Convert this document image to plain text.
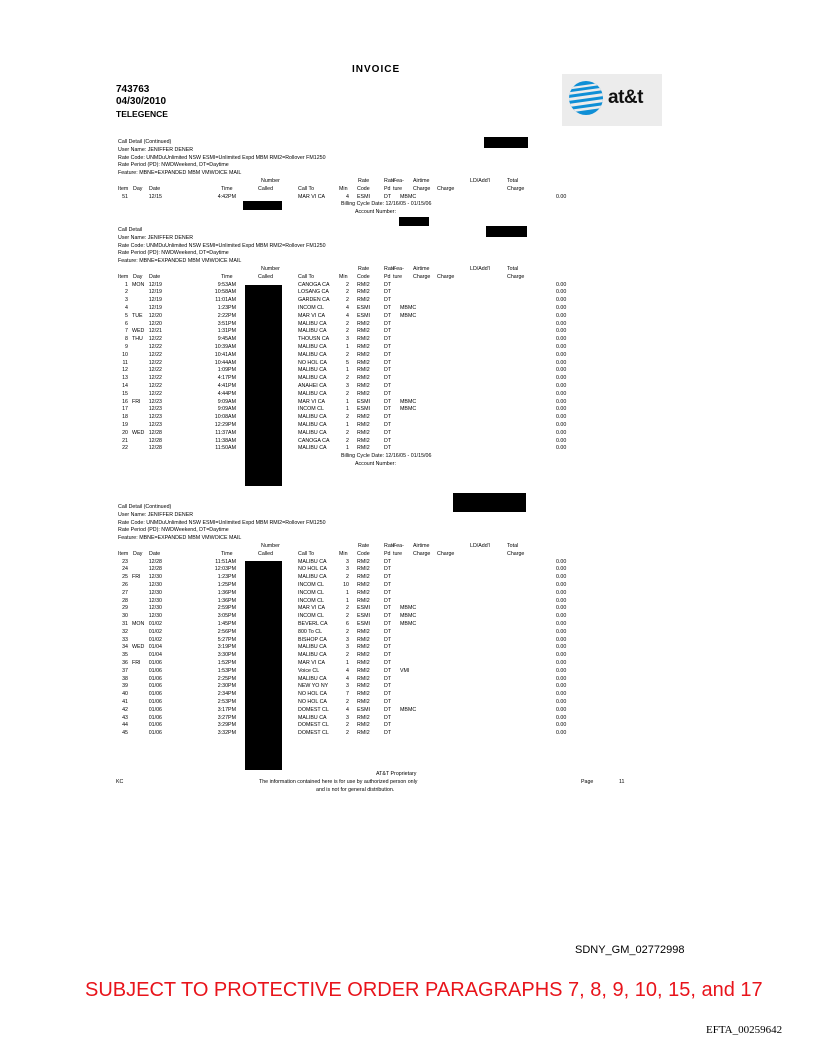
INVOICE
743763
04/30/2010
TELEGENCE
at&t
Call Detail (Continued)
User Name: JENIFFER DENER
Rate Code: UNMDuUnlimited NSW ESMI=Unlimited Expd MBM RMI2=Rollover FM1250
Rate Period (PD): NWDWeekend, DT=Daytime
Feature: MBNE=EXPANDED MBM VMWOICE MAIL
Number	Rate	Rate
Fea- Airtime	LD/Add'l	Total
Item Day Date	Time	Called	Call To	Min Code	Pd ture Charge Charge	Charge
51	12/15	4:42PM	MAR VI CA	4 ESMI	DT MBMC	0.00
Billing Cycle Date: 12/16/05 - 01/15/06
Account Number:
Call Detail
User Name: JENIFFER DENER
Rate Code: UNMDuUnlimited NSW ESMI=Unlimited Expd MBM RMI2=Rollover FM1250
Rate Period (PD): NWDWeekend, DT=Daytime
Feature: MBNE=EXPANDED MBM VMWOICE MAIL
Number	Rate	Rate
Fea- Airtime	LD/Add'l	Total
Item Day Date	Time	Called	Call To	Min Code	Pd ture Charge Charge	Charge
1 MON 12/19	9:53AM	CANOGA CA	2 RMI2	DT	0.00
2	12/19	10:58AM	LOSANG CA	2 RMI2	DT	0.00
3	12/19	11:01AM	GARDEN CA	2 RMI2	DT	0.00
4	12/19	1:23PM	INCOM CL	4 ESMI	DT MBMC	0.00
5 TUE 12/20	2:22PM	MAR VI CA	4 ESMI	DT MBMC	0.00
6	12/20	3:51PM	MALIBU CA	2 RMI2	DT	0.00
7 WED 12/21	1:31PM	MALIBU CA	2 RMI2	DT	0.00
8 THU 12/22	9:45AM	THOUSN CA	3 RMI2	DT	0.00
9	12/22	10:39AM	MALIBU CA	1 RMI2	DT	0.00
10	12/22	10:41AM	MALIBU CA	2 RMI2	DT	0.00
11	12/22	10:44AM	NO HOL CA	5 RMI2	DT	0.00
12	12/22	1:09PM	MALIBU CA	1 RMI2	DT	0.00
13	12/22	4:17PM	MALIBU CA	2 RMI2	DT	0.00
14	12/22	4:41PM	ANAHEI CA	3 RMI2	DT	0.00
15	12/22	4:44PM	MALIBU CA	2 RMI2	DT	0.00
16 FRI 12/23	9:09AM	MAR VI CA	1 ESMI	DT MBMC	0.00
17	12/23	9:09AM	INCOM CL	1 ESMI	DT MBMC	0.00
18	12/23	10:08AM	MALIBU CA	2 RMI2	DT	0.00
19	12/23	12:29PM	MALIBU CA	1 RMI2	DT	0.00
20 WED 12/28	11:37AM	MALIBU CA	2 RMI2	DT	0.00
21	12/28	11:38AM	CANOGA CA	2 RMI2	DT	0.00
22	12/28	11:50AM	MALIBU CA	1 RMI2	DT	0.00
Billing Cycle Date: 12/16/05 - 01/15/06
Account Number:
Call Detail (Continued)
User Name: JENIFFER DENER
Rate Code: UNMDuUnlimited NSW ESMI=Unlimited Expd MBM RMI2=Rollover FM1250
Rate Period (PD): NWDWeekend, DT=Daytime
Feature: MBNE=EXPANDED MBM VMWOICE MAIL
Number	Rate	Rate
Fea- Airtime	LD/Add'l	Total
Item Day Date	Time	Called	Call To	Min Code	Pd ture Charge Charge	Charge
23	12/28	11:51AM	MALIBU CA	3 RMI2	DT	0.00
24	12/28	12:03PM	NO HOL CA	3 RMI2	DT	0.00
25 FRI 12/30	1:23PM	MALIBU CA	2 RMI2	DT	0.00
26	12/30	1:25PM	INCOM CL	10 RMI2	DT	0.00
27	12/30	1:36PM	INCOM CL	1 RMI2	DT	0.00
28	12/30	1:36PM	INCOM CL	1 RMI2	DT	0.00
29	12/30	2:59PM	MAR VI CA	2 ESMI	DT MBMC	0.00
30	12/30	3:05PM	INCOM CL	2 ESMI	DT MBMC	0.00
31 MON 01/02	1:45PM	BEVERL CA	6 ESMI	DT MBMC	0.00
32	01/02	2:56PM	800 To CL	2 RMI2	DT	0.00
33	01/02	5:27PM	BISHOP CA	3 RMI2	DT	0.00
34 WED 01/04	3:19PM	MALIBU CA	3 RMI2	DT	0.00
35	01/04	3:30PM	MALIBU CA	2 RMI2	DT	0.00
36 FRI 01/06	1:52PM	MAR VI CA	1 RMI2	DT	0.00
37	01/06	1:53PM	Voice CL	4 RMI2	DT VMI	0.00
38	01/06	2:25PM	MALIBU CA	4 RMI2	DT	0.00
39	01/06	2:30PM	NEW YO NY	3 RMI2	DT	0.00
40	01/06	2:34PM	NO HOL CA	7 RMI2	DT	0.00
41	01/06	2:53PM	NO HOL CA	2 RMI2	DT	0.00
42	01/06	3:17PM	DOMEST CL	4 ESMI	DT MBMC	0.00
43	01/06	3:27PM	MALIBU CA	3 RMI2	DT	0.00
44	01/06	3:29PM	DOMEST CL	2 RMI2	DT	0.00
45	01/06	3:32PM	DOMEST CL	2 RMI2	DT	0.00
AT&T Proprietary
KC	The information contained here is for use by authorized person only
and is not for general distribution.
Page	11
SDNY_GM_02772998
SUBJECT TO PROTECTIVE ORDER PARAGRAPHS 7, 8, 9, 10, 15, and 17
EFTA_00259642
